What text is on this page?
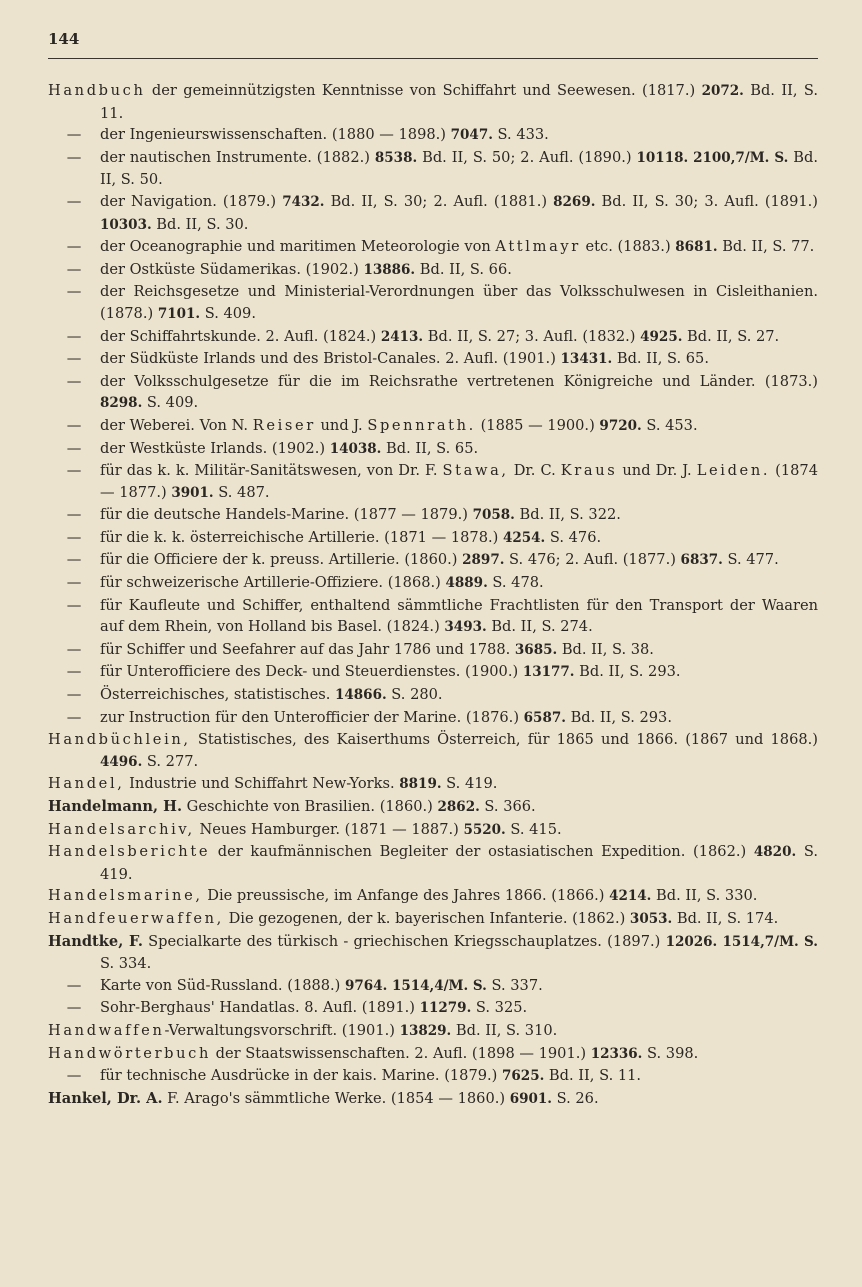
144

Handbuch der gemeinnützigsten Kenntnisse von Schiffahrt und Seewesen. (1817.) 2072. Bd. II, S. 11.

— der Ingenieurswissenschaften. (1880 — 1898.) 7047. S. 433.

— der nautischen Instrumente. (1882.) 8538. Bd. II, S. 50; 2. Aufl. (1890.) 10118. 2100,7/M. S. Bd. II, S. 50.

— der Navigation. (1879.) 7432. Bd. II, S. 30; 2. Aufl. (1881.) 8269. Bd. II, S. 30; 3. Aufl. (1891.) 10303. Bd. II, S. 30.

— der Oceanographie und maritimen Meteorologie von Attlmayr etc. (1883.) 8681. Bd. II, S. 77.

— der Ostküste Südamerikas. (1902.) 13886. Bd. II, S. 66.

— der Reichsgesetze und Ministerial-Verordnungen über das Volksschulwesen in Cisleithanien. (1878.) 7101. S. 409.

— der Schiffahrtskunde. 2. Aufl. (1824.) 2413. Bd. II, S. 27; 3. Aufl. (1832.) 4925. Bd. II, S. 27.

— der Südküste Irlands und des Bristol-Canales. 2. Aufl. (1901.) 13431. Bd. II, S. 65.

— der Volksschulgesetze für die im Reichsrathe vertretenen Königreiche und Länder. (1873.) 8298. S. 409.

— der Weberei. Von N. Reiser und J. Spennrath. (1885 — 1900.) 9720. S. 453.

— der Westküste Irlands. (1902.) 14038. Bd. II, S. 65.

— für das k. k. Militär-Sanitätswesen, von Dr. F. Stawa, Dr. C. Kraus und Dr. J. Leiden. (1874 — 1877.) 3901. S. 487.

— für die deutsche Handels-Marine. (1877 — 1879.) 7058. Bd. II, S. 322.

— für die k. k. österreichische Artillerie. (1871 — 1878.) 4254. S. 476.

— für die Officiere der k. preuss. Artillerie. (1860.) 2897. S. 476; 2. Aufl. (1877.) 6837. S. 477.

— für schweizerische Artillerie-Offiziere. (1868.) 4889. S. 478.

— für Kaufleute und Schiffer, enthaltend sämmtliche Frachtlisten für den Transport der Waaren auf dem Rhein, von Holland bis Basel. (1824.) 3493. Bd. II, S. 274.

— für Schiffer und Seefahrer auf das Jahr 1786 und 1788. 3685. Bd. II, S. 38.

— für Unterofficiere des Deck- und Steuerdienstes. (1900.) 13177. Bd. II, S. 293.

— Österreichisches, statistisches. 14866. S. 280.

— zur Instruction für den Unterofficier der Marine. (1876.) 6587. Bd. II, S. 293.

Handbüchlein, Statistisches, des Kaiserthums Österreich, für 1865 und 1866. (1867 und 1868.) 4496. S. 277.

Handel, Industrie und Schiffahrt New-Yorks. 8819. S. 419.

Handelmann, H. Geschichte von Brasilien. (1860.) 2862. S. 366.

Handelsarchiv, Neues Hamburger. (1871 — 1887.) 5520. S. 415.

Handelsberichte der kaufmännischen Begleiter der ostasiatischen Expedition. (1862.) 4820. S. 419.

Handelsmarine, Die preussische, im Anfange des Jahres 1866. (1866.) 4214. Bd. II, S. 330.

Handfeuerwaffen, Die gezogenen, der k. bayerischen Infanterie. (1862.) 3053. Bd. II, S. 174.

Handtke, F. Specialkarte des türkisch - griechischen Kriegsschauplatzes. (1897.) 12026. 1514,7/M. S. S. 334.

— Karte von Süd-Russland. (1888.) 9764. 1514,4/M. S. S. 337.

— Sohr-Berghaus' Handatlas. 8. Aufl. (1891.) 11279. S. 325.

Handwaffen-Verwaltungsvorschrift. (1901.) 13829. Bd. II, S. 310.

Handwörterbuch der Staatswissenschaften. 2. Aufl. (1898 — 1901.) 12336. S. 398.

— für technische Ausdrücke in der kais. Marine. (1879.) 7625. Bd. II, S. 11.

Hankel, Dr. A. F. Arago's sämmtliche Werke. (1854 — 1860.) 6901. S. 26.
